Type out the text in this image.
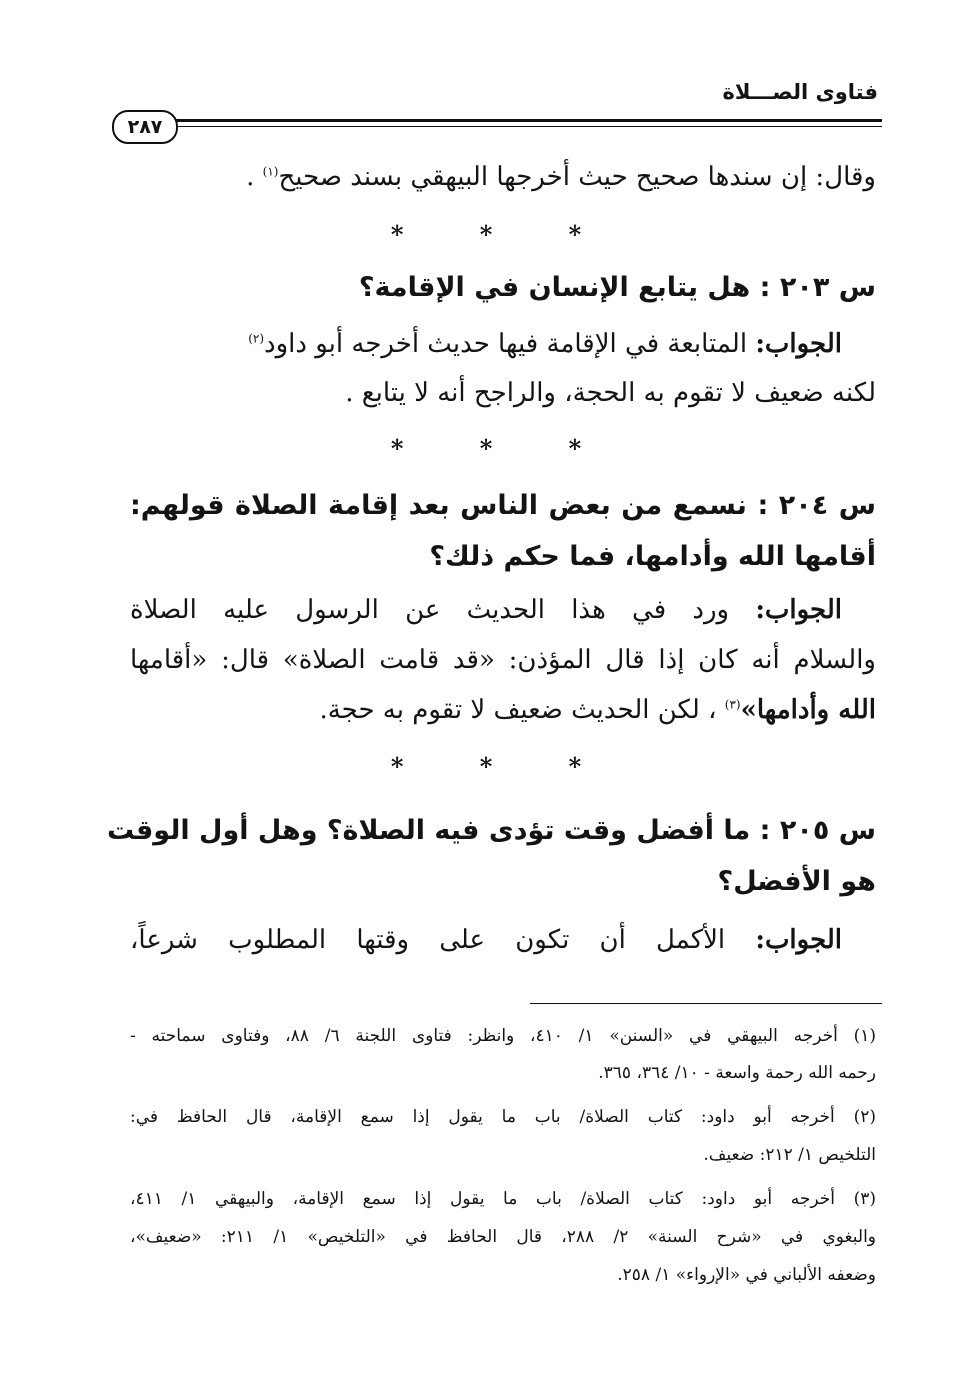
فتاوى الصـــلاة
٢٨٧
وقال: إن سندها صحيح حيث أخرجها البيهقي بسند صحيح$^{(١)}$ .
* * *
س ٢٠٣ : هل يتابع الإنسان في الإقامة؟
الجواب: المتابعة في الإقامة فيها حديث أخرجه أبو داود$^{(٢)}$
لكنه ضعيف لا تقوم به الحجة، والراجح أنه لا يتابع .
* * *
س ٢٠٤ : نسمع من بعض الناس بعد إقامة الصلاة قولهم:
أقامها الله وأدامها، فما حكم ذلك؟
الجواب: ورد في هذا الحديث عن الرسول عليه الصلاة
والسلام أنه كان إذا قال المؤذن: «قد قامت الصلاة» قال: «أقامها
الله وأدامها»$^{(٣)}$ ، لكن الحديث ضعيف لا تقوم به حجة.
* * *
س ٢٠٥ : ما أفضل وقت تؤدى فيه الصلاة؟ وهل أول الوقت
هو الأفضل؟
الجواب: الأكمل أن تكون على وقتها المطلوب شرعاً،
(١) أخرجه البيهقي في «السنن» ١/ ٤١٠، وانظر: فتاوى اللجنة ٦/ ٨٨، وفتاوى سماحته -
رحمه الله رحمة واسعة - ١٠/ ٣٦٤، ٣٦٥.
(٢) أخرجه أبو داود: كتاب الصلاة/ باب ما يقول إذا سمع الإقامة، قال الحافظ في:
التلخيص ١/ ٢١٢: ضعيف.
(٣) أخرجه أبو داود: كتاب الصلاة/ باب ما يقول إذا سمع الإقامة، والبيهقي ١/ ٤١١،
والبغوي في «شرح السنة» ٢/ ٢٨٨، قال الحافظ في «التلخيص» ١/ ٢١١: «ضعيف»،
وضعفه الألباني في «الإرواء» ١/ ٢٥٨.
